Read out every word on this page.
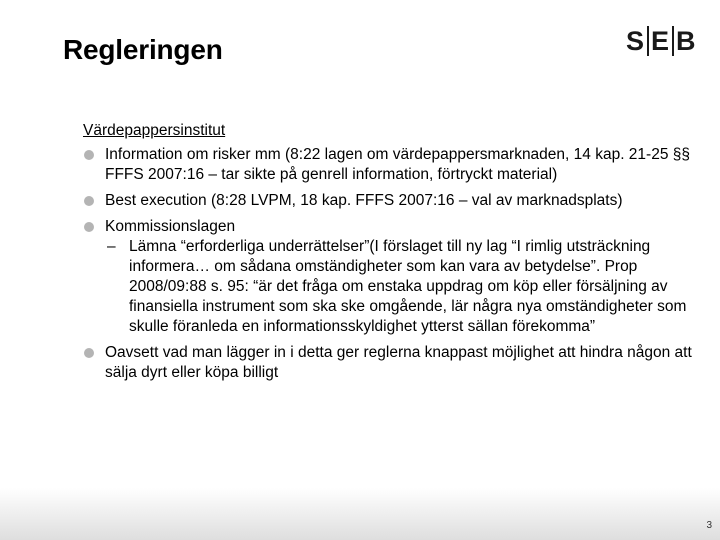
Regleringen	S E B
Värdepappersinstitut
Information om risker mm (8:22 lagen om värdepappersmarknaden, 14 kap. 21-25 §§ FFFS 2007:16 – tar sikte på genrell information, förtryckt material)
Best execution (8:28 LVPM, 18 kap. FFFS 2007:16 – val av marknadsplats)
Kommissionslagen
– Lämna “erforderliga underrättelser”(I förslaget till ny lag “I rimlig utsträckning informera… om sådana omständigheter som kan vara av betydelse”. Prop 2008/09:88 s. 95: “är det fråga om enstaka uppdrag om köp eller försäljning av finansiella instrument som ska ske omgående, lär några nya omständigheter som skulle föranleda en informationsskyldighet ytterst sällan förekomma”
Oavsett vad man lägger in i detta ger reglerna knappast möjlighet att hindra någon att sälja dyrt eller köpa billigt
3
